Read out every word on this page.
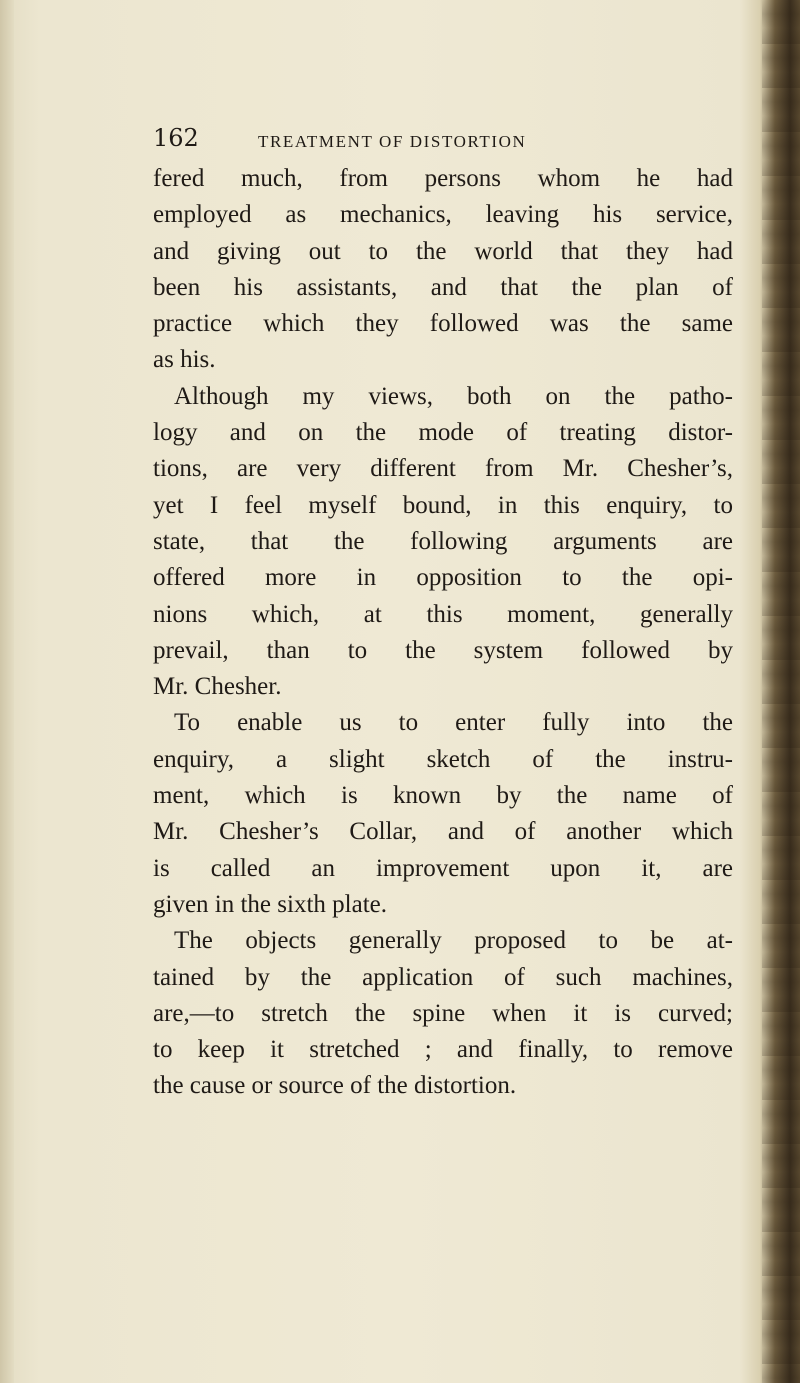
162	TREATMENT OF DISTORTION
fered much, from persons whom he had
employed as mechanics, leaving his service,
and giving out to the world that they had
been his assistants, and that the plan of
practice which they followed was the same
as his.
Although my views, both on the patho-
logy and on the mode of treating distor-
tions, are very different from Mr. Chesher’s,
yet I feel myself bound, in this enquiry, to
state, that the following arguments are
offered more in opposition to the opi-
nions which, at this moment, generally
prevail, than to the system followed by
Mr. Chesher.
To enable us to enter fully into the
enquiry, a slight sketch of the instru-
ment, which is known by the name of
Mr. Chesher’s Collar, and of another which
is called an improvement upon it, are
given in the sixth plate.
The objects generally proposed to be at-
tained by the application of such machines,
are,—to stretch the spine when it is curved;
to keep it stretched ; and finally, to remove
the cause or source of the distortion.
